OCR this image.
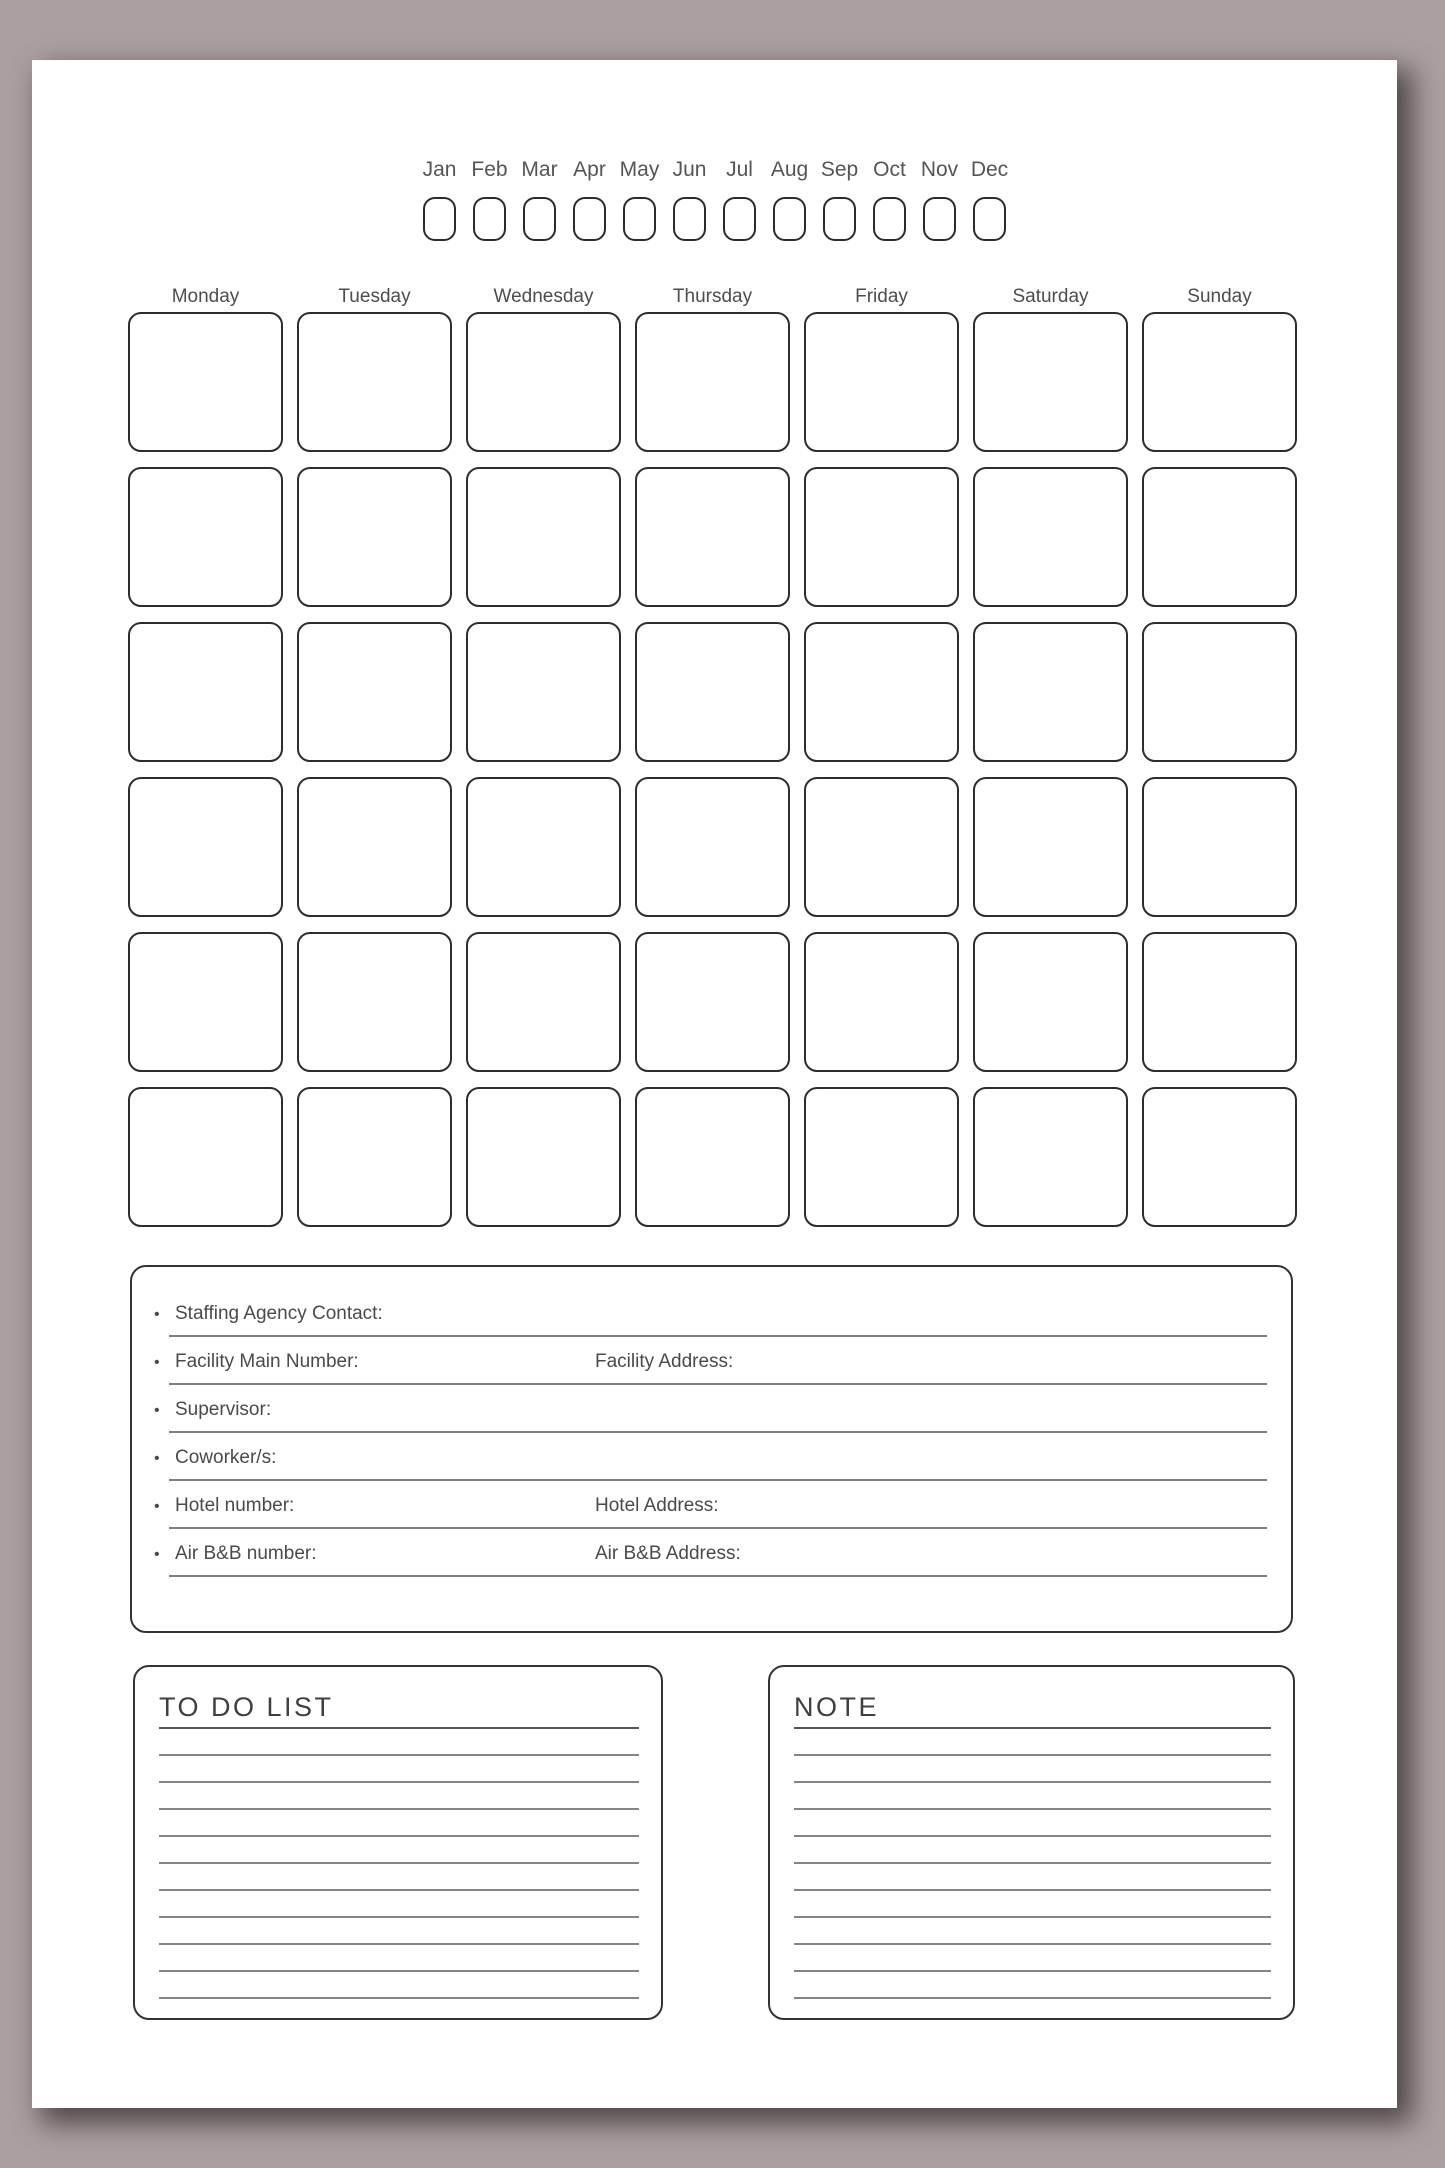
Jan Feb Mar Apr May Jun Jul Aug Sep Oct Nov Dec
Monday	Tuesday	Wednesday	Thursday	Friday	Saturday	Sunday
• Staffing Agency Contact:
• Facility Main Number:	Facility Address:
• Supervisor:
• Coworker/s:
• Hotel number:	Hotel Address:
• Air B&B number:	Air B&B Address:
TO DO LIST	NOTE
